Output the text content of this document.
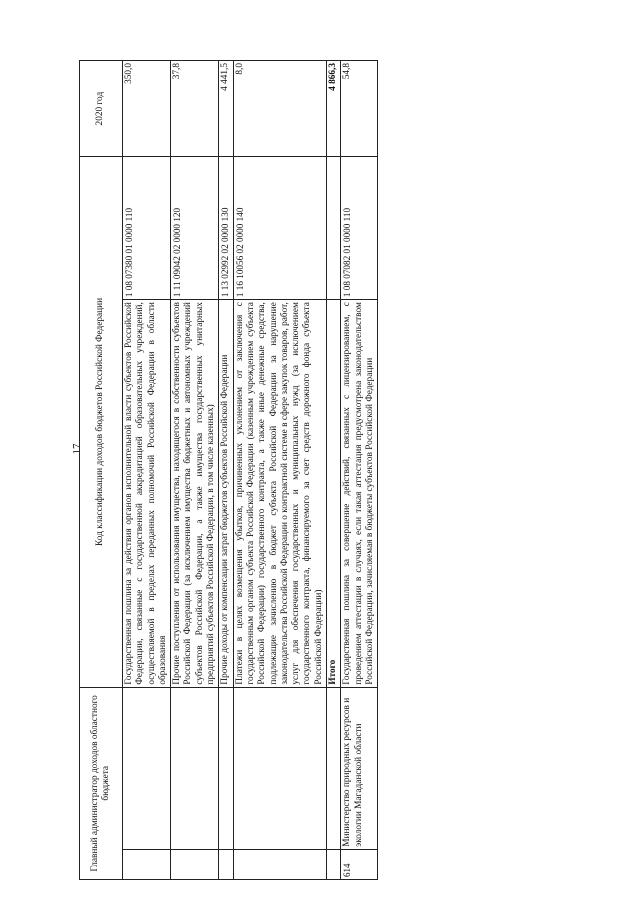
17
Главный администратор доходов областного бюджета		Код классификации доходов бюджетов Российской Федерации		2020 год
		Государственная пошлина за действия органов исполнительной власти субъектов Российской Федерации, связанные с государственной аккредитацией образовательных учреждений, осуществляемой в пределах переданных полномочий Российской Федерации в области образования	1 08 07380 01 0000 110	350,0
		Прочие поступления от использования имущества, находящегося в собственности субъектов Российской Федерации (за исключением имущества бюджетных и автономных учреждений субъектов Российской Федерации, а также имущества государственных унитарных предприятий субъектов Российской Федерации, в том числе казенных)	1 11 09042 02 0000 120	37,8
		Прочие доходы от компенсации затрат бюджетов субъектов Российской Федерации	1 13 02992 02 0000 130	4 441,5
		Платежи в целях возмещения убытков, причиненных уклонением от заключения с государственным органом субъекта Российской Федерации (казенным учреждением субъекта Российской Федерации) государственного контракта, а также иные денежные средства, подлежащие зачислению в бюджет субъекта Российской Федерации за нарушение законодательства Российской Федерации о контрактной системе в сфере закупок товаров, работ, услуг для обеспечения государственных и муниципальных нужд (за исключением государственного контракта, финансируемого за счет средств дорожного фонда субъекта Российской Федерации)	1 16 10056 02 0000 140	8,0
		Итого		4 866,3
614	Министерство природных ресурсов и экологии Магаданской области	Государственная пошлина за совершение действий, связанных с лицензированием, с проведением аттестации в случаях, если такая аттестация предусмотрена законодательством Российской Федерации, зачисляемая в бюджеты субъектов Российской Федерации	1 08 07082 01 0000 110	54,8
